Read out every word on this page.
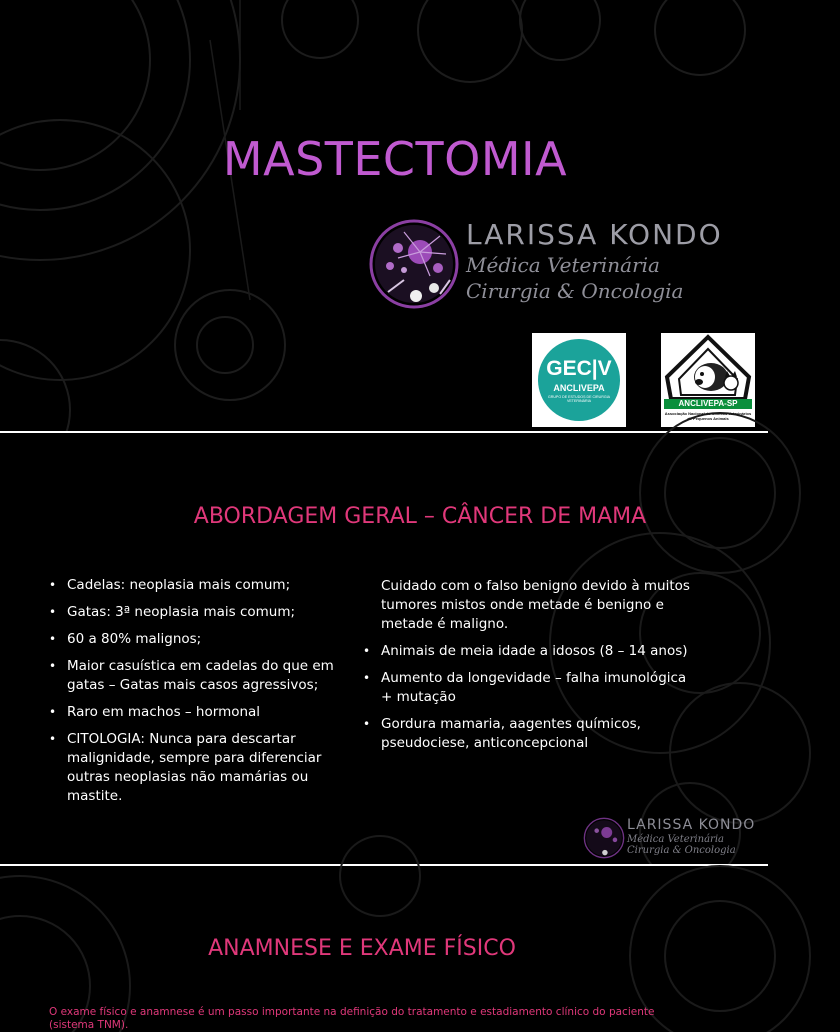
MASTECTOMIA
LARISSA KONDO
Médica Veterinária
Cirurgia & Oncologia
GEC|V
ANCLIVEPA
GRUPO DE ESTUDOS DE CIRURGIA VETERINÁRIA	ANCLIVEPA-SP
Associação Nacional de Clínicos Veterinários de Pequenos Animais
ABORDAGEM GERAL – CÂNCER DE MAMA
• Cadelas: neoplasia mais comum;
• Gatas: 3ª neoplasia mais comum;
• 60 a 80% malignos;
• Maior casuística em cadelas do que em gatas – Gatas mais casos agressivos;
• Raro em machos – hormonal
• CITOLOGIA: Nunca para descartar malignidade, sempre para diferenciar outras neoplasias não mamárias ou mastite.
Cuidado com o falso benigno devido à muitos tumores mistos onde metade é benigno e metade é maligno.
• Animais de meia idade a idosos (8 – 14 anos)
• Aumento da longevidade – falha imunológica + mutação
• Gordura mamaria, aagentes químicos, pseudociese, anticoncepcional
LARISSA KONDO
Médica Veterinária
Cirurgia & Oncologia
ANAMNESE E EXAME FÍSICO
O exame físico e anamnese é um passo importante na definição do tratamento e estadiamento clínico do paciente (sistema TNM).
